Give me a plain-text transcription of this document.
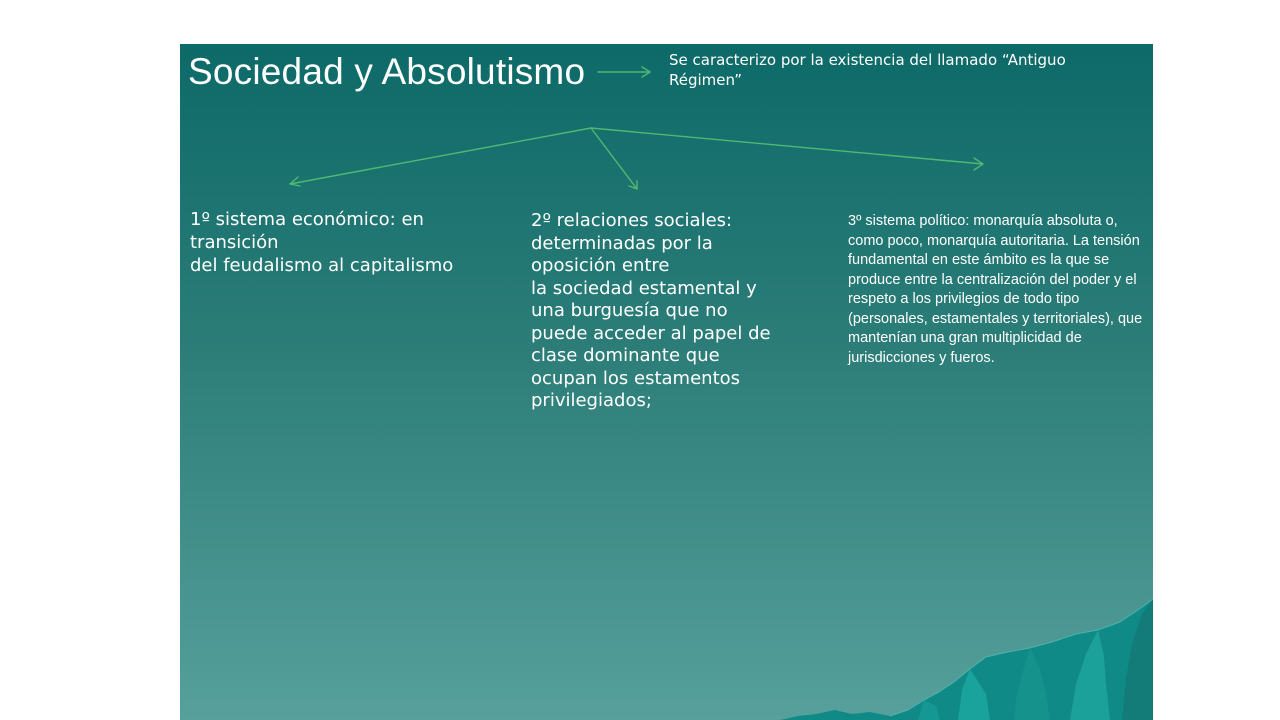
Sociedad y Absolutismo	Se caracterizo por la existencia del llamado “Antiguo Régimen”
1º sistema económico: en
transición
del feudalismo al capitalismo
2º relaciones sociales:
determinadas por la
oposición entre
la sociedad estamental y
una burguesía que no
puede acceder al papel de
clase dominante que
ocupan los estamentos
privilegiados;
3º sistema político: monarquía absoluta o, como poco, monarquía autoritaria. La tensión fundamental en este ámbito es la que se produce entre la centralización del poder y el respeto a los privilegios de todo tipo (personales, estamentales y territoriales), que mantenían una gran multiplicidad de jurisdicciones y fueros.
